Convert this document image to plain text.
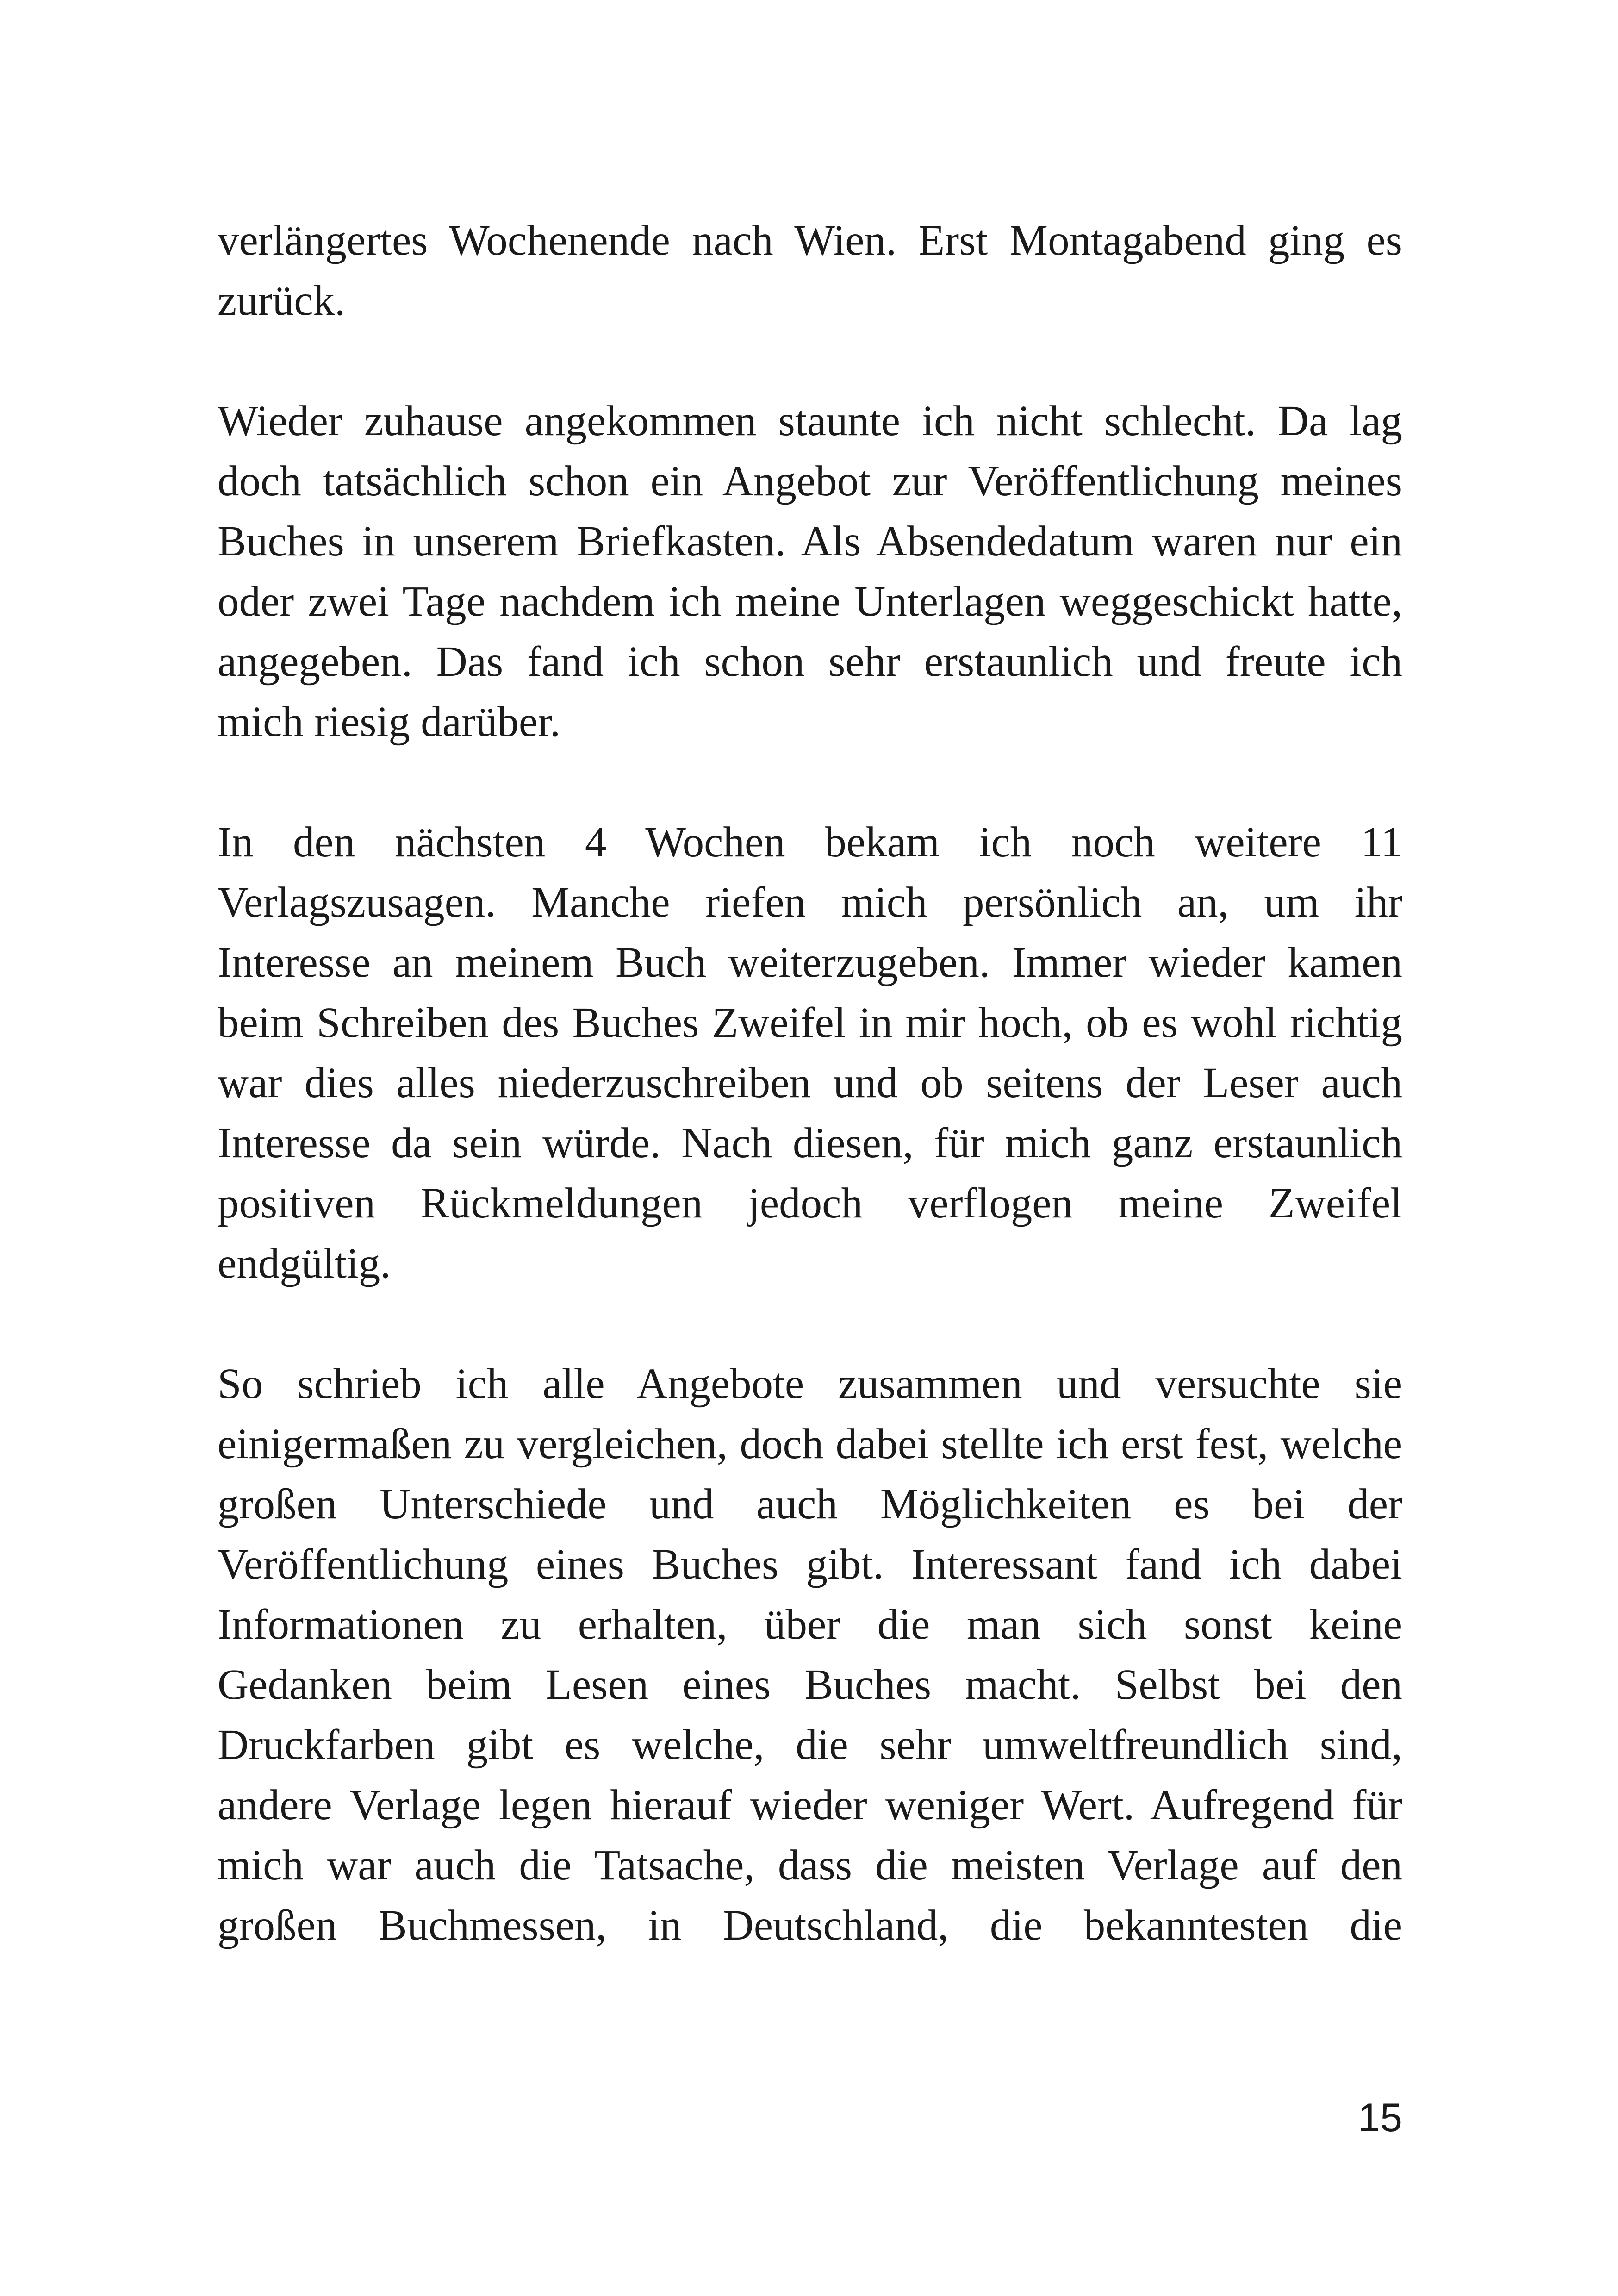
verlängertes Wochenende nach Wien. Erst Montagabend ging es
zurück.

Wieder zuhause angekommen staunte ich nicht schlecht. Da lag
doch tatsächlich schon ein Angebot zur Veröffentlichung meines
Buches in unserem Briefkasten. Als Absendedatum waren nur ein
oder zwei Tage nachdem ich meine Unterlagen weggeschickt hatte,
angegeben. Das fand ich schon sehr erstaunlich und freute ich
mich riesig darüber.

In den nächsten 4 Wochen bekam ich noch weitere 11
Verlagszusagen. Manche riefen mich persönlich an, um ihr
Interesse an meinem Buch weiterzugeben. Immer wieder kamen
beim Schreiben des Buches Zweifel in mir hoch, ob es wohl richtig
war dies alles niederzuschreiben und ob seitens der Leser auch
Interesse da sein würde. Nach diesen, für mich ganz erstaunlich
positiven Rückmeldungen jedoch verflogen meine Zweifel
endgültig.

So schrieb ich alle Angebote zusammen und versuchte sie
einigermaßen zu vergleichen, doch dabei stellte ich erst fest, welche
großen Unterschiede und auch Möglichkeiten es bei der
Veröffentlichung eines Buches gibt. Interessant fand ich dabei
Informationen zu erhalten, über die man sich sonst keine
Gedanken beim Lesen eines Buches macht. Selbst bei den
Druckfarben gibt es welche, die sehr umweltfreundlich sind,
andere Verlage legen hierauf wieder weniger Wert. Aufregend für
mich war auch die Tatsache, dass die meisten Verlage auf den
großen Buchmessen, in Deutschland, die bekanntesten die

15
